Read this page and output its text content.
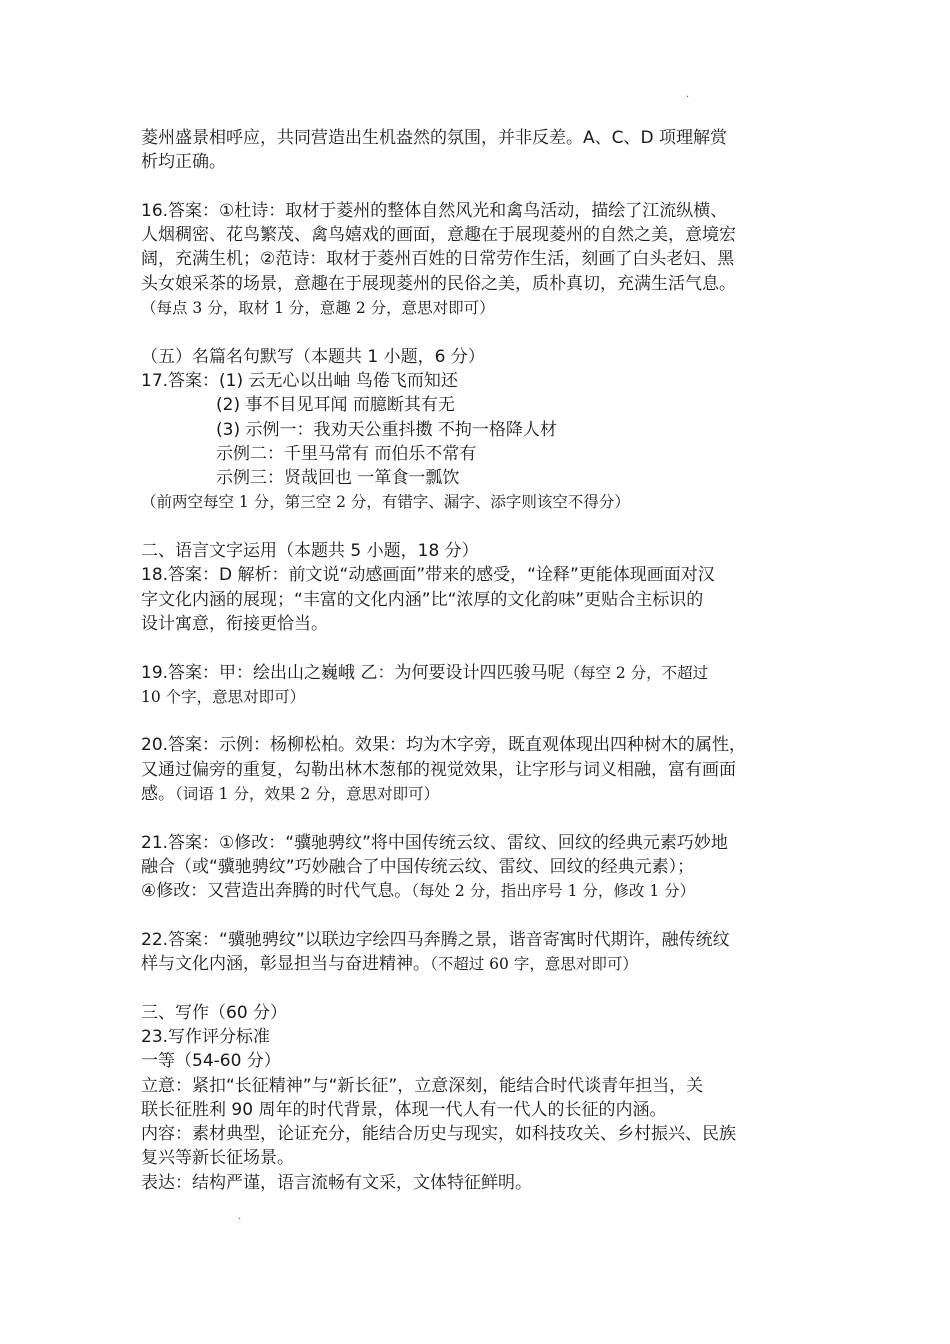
.
菱州盛景相呼应，共同营造出生机盎然的氛围，并非反差。A、C、D 项理解赏
析均正确。
16.答案：①杜诗：取材于菱州的整体自然风光和禽鸟活动，描绘了江流纵横、
人烟稠密、花鸟繁茂、禽鸟嬉戏的画面，意趣在于展现菱州的自然之美，意境宏
阔，充满生机；②范诗：取材于菱州百姓的日常劳作生活，刻画了白头老妇、黑
头女娘采茶的场景，意趣在于展现菱州的民俗之美，质朴真切，充满生活气息。
（每点 3 分，取材 1 分，意趣 2 分，意思对即可）
（五）名篇名句默写（本题共 1 小题，6 分）
17.答案：(1) 云无心以出岫 鸟倦飞而知还
(2) 事不目见耳闻 而臆断其有无
(3) 示例一：我劝天公重抖擞 不拘一格降人材
示例二：千里马常有 而伯乐不常有
示例三：贤哉回也 一箪食一瓢饮
（前两空每空 1 分，第三空 2 分，有错字、漏字、添字则该空不得分）
二、语言文字运用（本题共 5 小题，18 分）
18.答案：D 解析：前文说“动感画面”带来的感受，“诠释”更能体现画面对汉
字文化内涵的展现；“丰富的文化内涵”比“浓厚的文化韵味”更贴合主标识的
设计寓意，衔接更恰当。
19.答案：甲：绘出山之巍峨 乙：为何要设计四匹骏马呢（每空 2 分，不超过
10 个字，意思对即可）
20.答案：示例：杨柳松柏。效果：均为木字旁，既直观体现出四种树木的属性，
又通过偏旁的重复，勾勒出林木葱郁的视觉效果，让字形与词义相融，富有画面
感。（词语 1 分，效果 2 分，意思对即可）
21.答案：①修改：“骥驰骋纹”将中国传统云纹、雷纹、回纹的经典元素巧妙地
融合（或“骥驰骋纹”巧妙融合了中国传统云纹、雷纹、回纹的经典元素）；
④修改：又营造出奔腾的时代气息。（每处 2 分，指出序号 1 分，修改 1 分）
22.答案：“骥驰骋纹”以联边字绘四马奔腾之景，谐音寄寓时代期许，融传统纹
样与文化内涵，彰显担当与奋进精神。（不超过 60 字，意思对即可）
三、写作（60 分）
23.写作评分标准
一等（54-60 分）
立意：紧扣“长征精神”与“新长征”，立意深刻，能结合时代谈青年担当，关
联长征胜利 90 周年的时代背景，体现一代人有一代人的长征的内涵。
内容：素材典型，论证充分，能结合历史与现实，如科技攻关、乡村振兴、民族
复兴等新长征场景。
表达：结构严谨，语言流畅有文采，文体特征鲜明。
.
